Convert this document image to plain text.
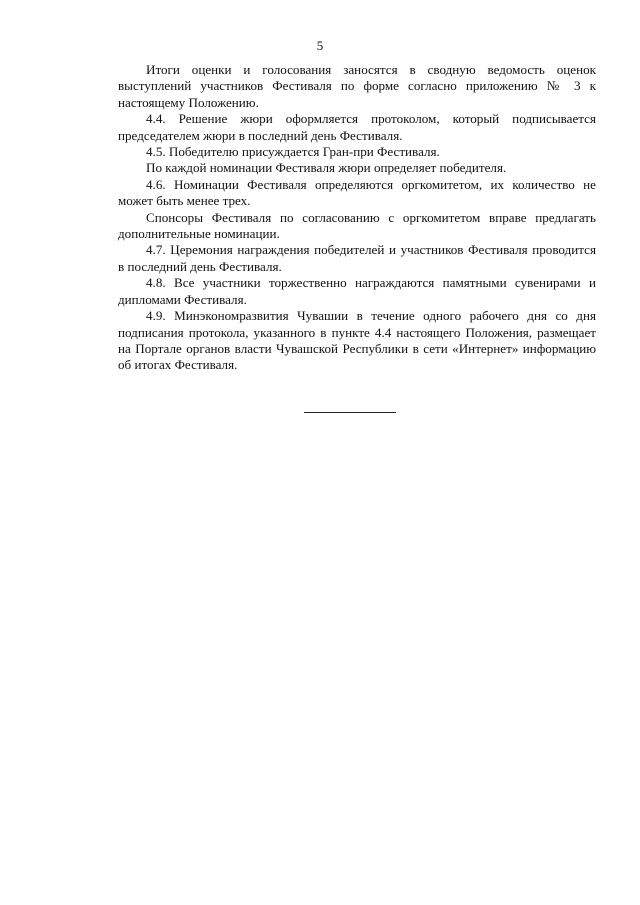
5

Итоги оценки и голосования заносятся в сводную ведомость оценок выступлений участников Фестиваля по форме согласно приложению № 3 к настоящему Положению.

4.4. Решение жюри оформляется протоколом, который подписывается председателем жюри в последний день Фестиваля.

4.5. Победителю присуждается Гран-при Фестиваля.

По каждой номинации Фестиваля жюри определяет победителя.

4.6. Номинации Фестиваля определяются оргкомитетом, их количество не может быть менее трех.

Спонсоры Фестиваля по согласованию с оргкомитетом вправе предлагать дополнительные номинации.

4.7. Церемония награждения победителей и участников Фестиваля проводится в последний день Фестиваля.

4.8. Все участники торжественно награждаются памятными сувенирами и дипломами Фестиваля.

4.9. Минэкономразвития Чувашии в течение одного рабочего дня со дня подписания протокола, указанного в пункте 4.4 настоящего Положения, размещает на Портале органов власти Чувашской Республики в сети «Интернет» информацию об итогах Фестиваля.
